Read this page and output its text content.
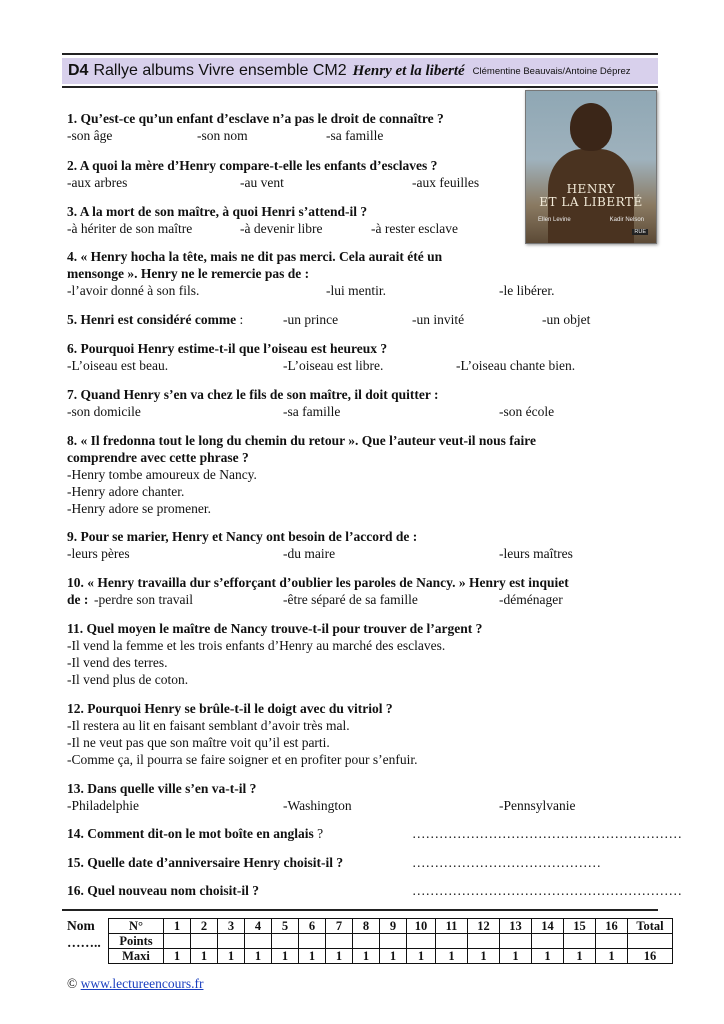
D4 Rallye albums Vivre ensemble CM2 Henry et la liberté Clémentine Beauvais/Antoine Déprez
HENRY
ET LA LIBERTÉ
Ellen Levine	Kadir Nelson
RUE
1. Qu’est-ce qu’un enfant d’esclave n’a pas le droit de connaître ?
-son âge	-son nom	-sa famille
2. A quoi la mère d’Henry compare-t-elle les enfants d’esclaves ?
-aux arbres	-au vent	-aux feuilles
3. A la mort de son maître, à quoi Henri s’attend-il ?
-à hériter de son maître	-à devenir libre	-à rester esclave
4. « Henry hocha la tête, mais ne dit pas merci. Cela aurait été un
mensonge ». Henry ne le remercie pas de :
-l’avoir donné à son fils.	-lui mentir.	-le libérer.
5. Henri est considéré comme :	-un prince	-un invité	-un objet
6. Pourquoi Henry estime-t-il que l’oiseau est heureux ?
-L’oiseau est beau.	-L’oiseau est libre.	-L’oiseau chante bien.
7. Quand Henry s’en va chez le fils de son maître, il doit quitter :
-son domicile	-sa famille	-son école
8. « Il fredonna tout le long du chemin du retour ». Que l’auteur veut-il nous faire
comprendre avec cette phrase ?
-Henry tombe amoureux de Nancy.
-Henry adore chanter.
-Henry adore se promener.
9. Pour se marier, Henry et Nancy ont besoin de l’accord de :
-leurs pères	-du maire	-leurs maîtres
10. « Henry travailla dur s’efforçant d’oublier les paroles de Nancy. » Henry est inquiet
de : -perdre son travail	-être séparé de sa famille	-déménager
11. Quel moyen le maître de Nancy trouve-t-il pour trouver de l’argent ?
-Il vend la femme et les trois enfants d’Henry au marché des esclaves.
-Il vend des terres.
-Il vend plus de coton.
12. Pourquoi Henry se brûle-t-il le doigt avec du vitriol ?
-Il restera au lit en faisant semblant d’avoir très mal.
-Il ne veut pas que son maître voit qu’il est parti.
-Comme ça, il pourra se faire soigner et en profiter pour s’enfuir.
13. Dans quelle ville s’en va-t-il ?
-Philadelphie	-Washington	-Pennsylvanie
14. Comment dit-on le mot boîte en anglais ?	……………………………………………………
15. Quelle date d’anniversaire Henry choisit-il ?	……………………………………
16. Quel nouveau nom choisit-il ?	……………………………………………………
Nom
……..
N°	1	2	3	4	5	6	7	8	9	10	11	12	13	14	15	16	Total
Points																	
Maxi	1	1	1	1	1	1	1	1	1	1	1	1	1	1	1	1	16
© www.lectureencours.fr
